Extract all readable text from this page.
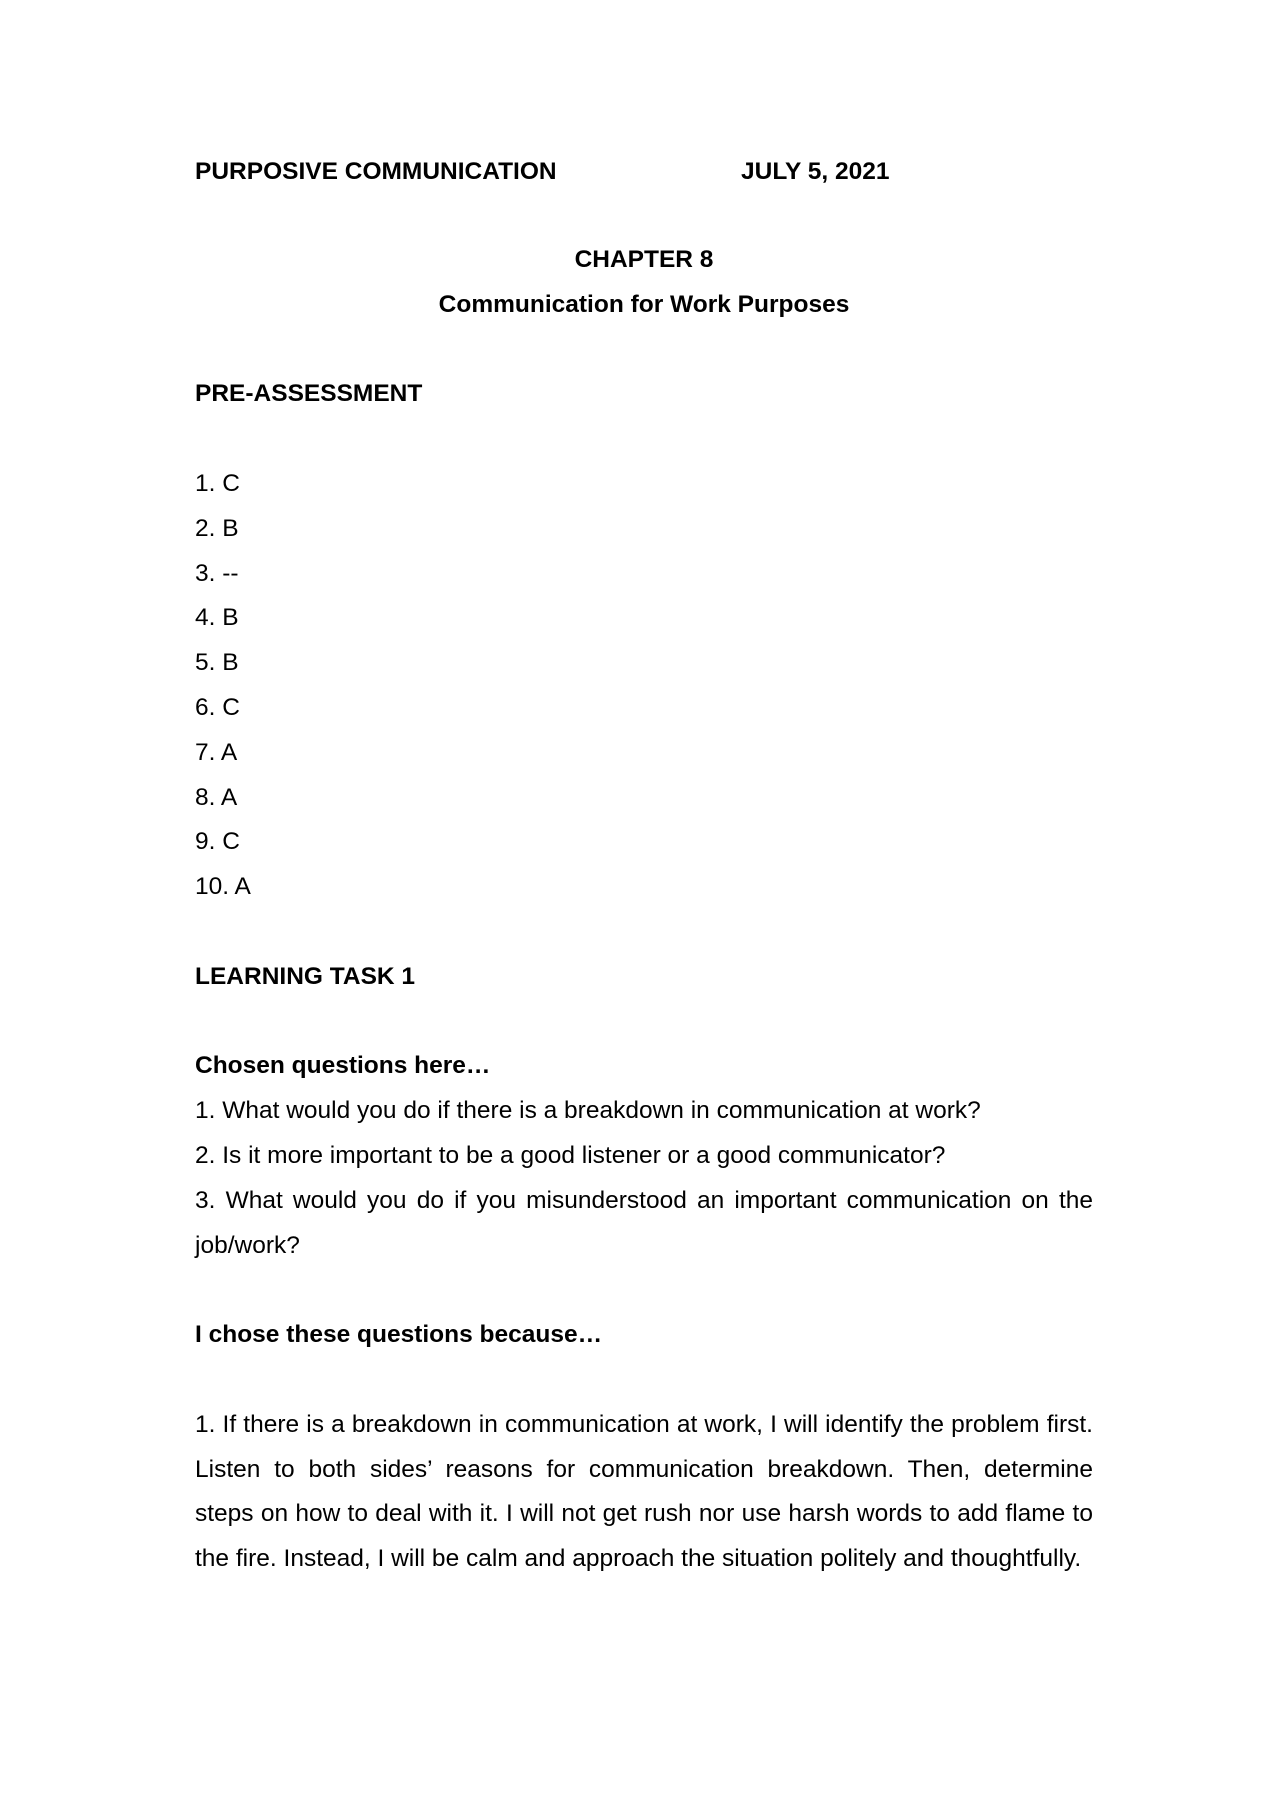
PURPOSIVE COMMUNICATION	JULY 5, 2021
CHAPTER 8
Communication for Work Purposes
PRE-ASSESSMENT
1. C
2. B
3. --
4. B
5. B
6. C
7. A
8. A
9. C
10. A
LEARNING TASK 1
Chosen questions here…
1. What would you do if there is a breakdown in communication at work?
2. Is it more important to be a good listener or a good communicator?
3. What would you do if you misunderstood an important communication on the job/work?
I chose these questions because…
1. If there is a breakdown in communication at work, I will identify the problem first. Listen to both sides’ reasons for communication breakdown. Then, determine steps on how to deal with it. I will not get rush nor use harsh words to add flame to the fire. Instead, I will be calm and approach the situation politely and thoughtfully.
